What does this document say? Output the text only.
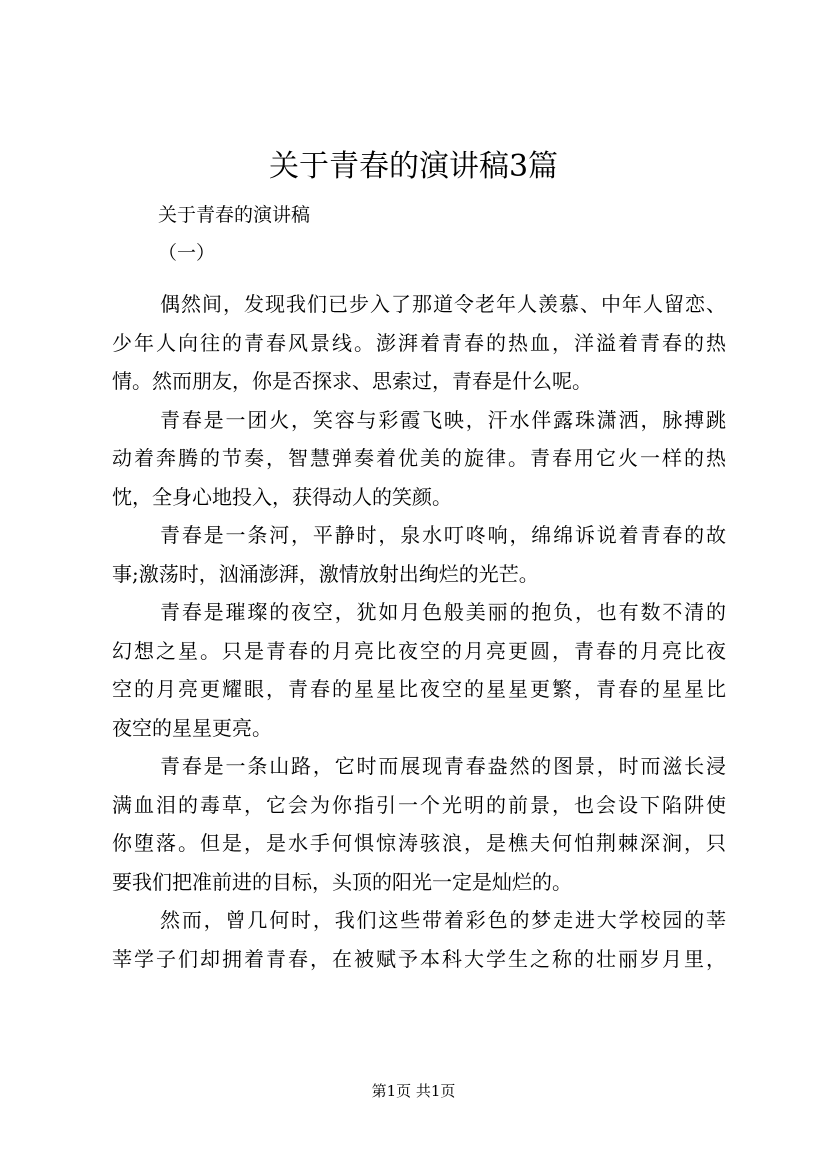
关于青春的演讲稿3篇
关于青春的演讲稿
（一）
偶然间，发现我们已步入了那道令老年人羡慕、中年人留恋、
少年人向往的青春风景线。澎湃着青春的热血，洋溢着青春的热
情。然而朋友，你是否探求、思索过，青春是什么呢。
青春是一团火，笑容与彩霞飞映，汗水伴露珠潇洒，脉搏跳
动着奔腾的节奏，智慧弹奏着优美的旋律。青春用它火一样的热
忱，全身心地投入，获得动人的笑颜。
青春是一条河，平静时，泉水叮咚响，绵绵诉说着青春的故
事;激荡时，汹涌澎湃，激情放射出绚烂的光芒。
青春是璀璨的夜空，犹如月色般美丽的抱负，也有数不清的
幻想之星。只是青春的月亮比夜空的月亮更圆，青春的月亮比夜
空的月亮更耀眼，青春的星星比夜空的星星更繁，青春的星星比
夜空的星星更亮。
青春是一条山路，它时而展现青春盎然的图景，时而滋长浸
满血泪的毒草，它会为你指引一个光明的前景，也会设下陷阱使
你堕落。但是，是水手何惧惊涛骇浪，是樵夫何怕荆棘深涧，只
要我们把准前进的目标，头顶的阳光一定是灿烂的。
然而，曾几何时，我们这些带着彩色的梦走进大学校园的莘
莘学子们却拥着青春，在被赋予本科大学生之称的壮丽岁月里，
第1页 共1页
